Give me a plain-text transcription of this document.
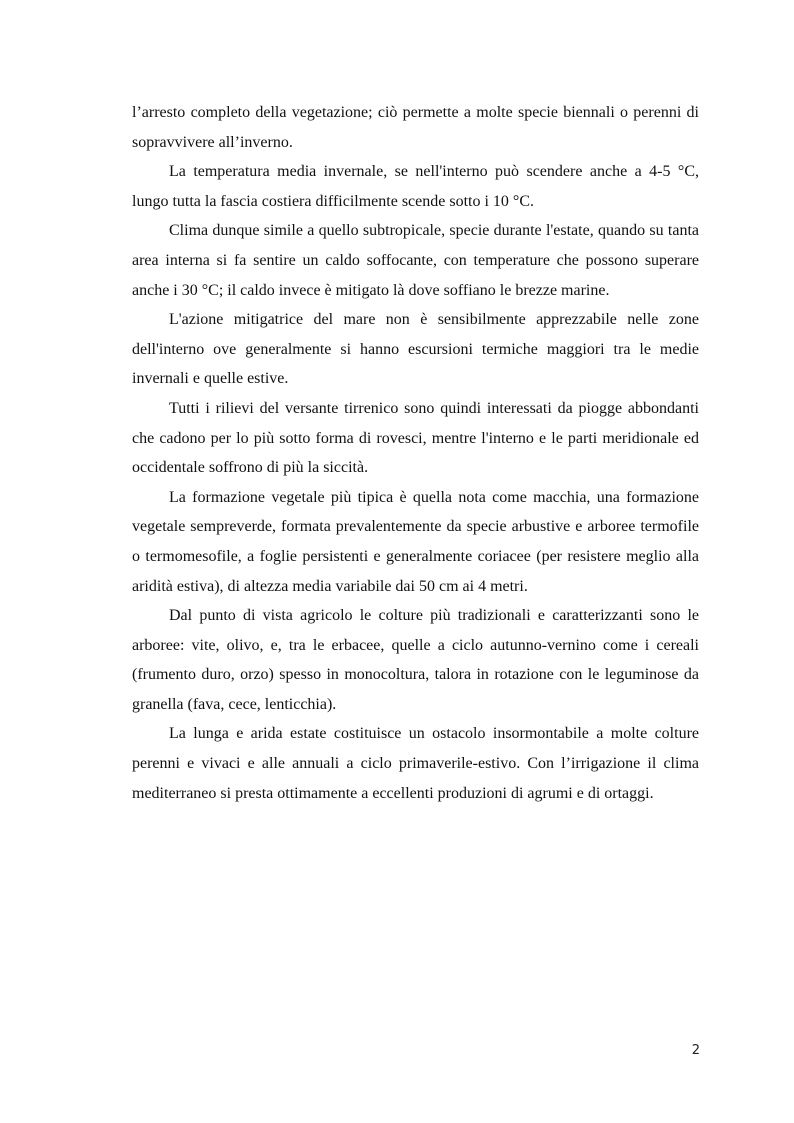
l’arresto completo della vegetazione; ciò permette a molte specie biennali o perenni di sopravvivere all’inverno.

La temperatura media invernale, se nell'interno può scendere anche a 4-5 °C, lungo tutta la fascia costiera difficilmente scende sotto i 10 °C.

Clima dunque simile a quello subtropicale, specie durante l'estate, quando su tanta area interna si fa sentire un caldo soffocante, con temperature che possono superare anche i 30 °C; il caldo invece è mitigato là dove soffiano le brezze marine.

L'azione mitigatrice del mare non è sensibilmente apprezzabile nelle zone dell'interno ove generalmente si hanno escursioni termiche maggiori tra le medie invernali e quelle estive.

Tutti i rilievi del versante tirrenico sono quindi interessati da piogge abbondanti che cadono per lo più sotto forma di rovesci, mentre l'interno e le parti meridionale ed occidentale soffrono di più la siccità.

La formazione vegetale più tipica è quella nota come macchia, una formazione vegetale sempreverde, formata prevalentemente da specie arbustive e arboree termofile o termomesofile, a foglie persistenti e generalmente coriacee (per resistere meglio alla aridità estiva), di altezza media variabile dai 50 cm ai 4 metri.

Dal punto di vista agricolo le colture più tradizionali e caratterizzanti sono le arboree: vite, olivo, e, tra le erbacee, quelle a ciclo autunno-vernino come i cereali (frumento duro, orzo) spesso in monocoltura, talora in rotazione con le leguminose da granella (fava, cece, lenticchia).

La lunga e arida estate costituisce un ostacolo insormontabile a molte colture perenni e vivaci e alle annuali a ciclo primaverile-estivo. Con l’irrigazione il clima mediterraneo si presta ottimamente a eccellenti produzioni di agrumi e di ortaggi.

2
